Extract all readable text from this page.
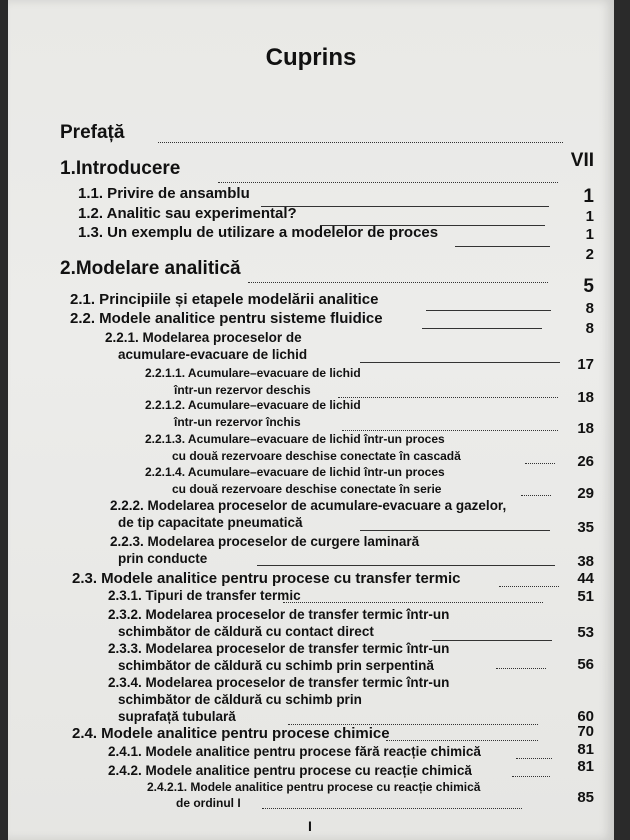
Cuprins
Prefață
1.Introducere
1.1. Privire de ansamblu
1.2. Analitic sau experimental?
1.3. Un exemplu de utilizare a modelelor de proces
2.Modelare analitică
2.1. Principiile și etapele modelării analitice
2.2. Modele analitice pentru sisteme fluidice
2.2.1. Modelarea proceselor de
acumulare-evacuare de lichid
2.2.1.1. Acumulare–evacuare de lichid
într-un rezervor deschis
2.2.1.2. Acumulare–evacuare de lichid
într-un rezervor închis
2.2.1.3. Acumulare–evacuare de lichid într-un proces
cu două rezervoare deschise conectate în cascadă
2.2.1.4. Acumulare–evacuare de lichid într-un proces
cu două rezervoare deschise conectate în serie
2.2.2. Modelarea proceselor de acumulare-evacuare a gazelor,
de tip capacitate pneumatică
2.2.3. Modelarea proceselor de curgere laminară
prin conducte
2.3. Modele analitice pentru procese cu transfer termic
2.3.1. Tipuri de transfer termic
2.3.2. Modelarea proceselor de transfer termic într-un
schimbător de căldură cu contact direct
2.3.3. Modelarea proceselor de transfer termic într-un
schimbător de căldură cu schimb prin serpentină
2.3.4. Modelarea proceselor de transfer termic într-un
schimbător de căldură cu schimb prin
suprafață tubulară
2.4. Modele analitice pentru procese chimice
2.4.1. Modele analitice pentru procese fără reacție chimică
2.4.2. Modele analitice pentru procese cu reacție chimică
2.4.2.1. Modele analitice pentru procese cu reacție chimică
de ordinul I
VII
1
1
1
2
5
8
8
17
18
18
26
29
35
38
44
51
53
56
60
70
81
81
85
I
